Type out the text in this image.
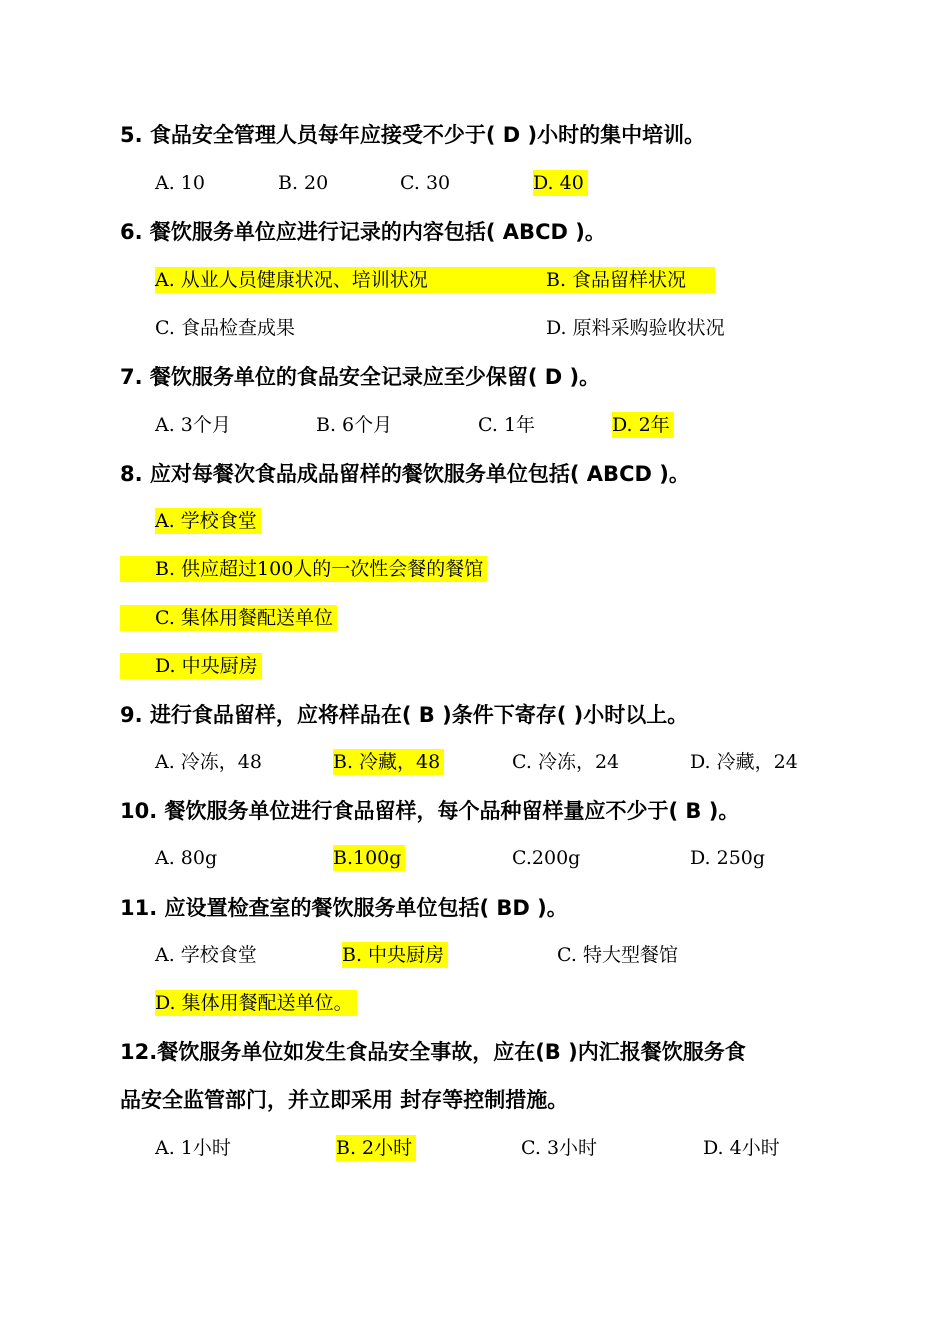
5. 食品安全管理人员每年应接受不少于( D )小时的集中培训。
A. 10	B. 20	C. 30	D. 40
6. 餐饮服务单位应进行记录的内容包括( ABCD )。
A. 从业人员健康状况、培训状况	B. 食品留样状况
C. 食品检查成果	D. 原料采购验收状况
7. 餐饮服务单位的食品安全记录应至少保留( D )。
A. 3个月	B. 6个月	C. 1年	D. 2年
8. 应对每餐次食品成品留样的餐饮服务单位包括( ABCD )。
A. 学校食堂
B. 供应超过100人的一次性会餐的餐馆
C. 集体用餐配送单位
D. 中央厨房
9. 进行食品留样，应将样品在( B )条件下寄存( )小时以上。
A. 冷冻，48	B. 冷藏，48	C. 冷冻，24	D. 冷藏，24
10. 餐饮服务单位进行食品留样，每个品种留样量应不少于( B )。
A. 80g	B.100g	C.200g	D. 250g
11. 应设置检查室的餐饮服务单位包括( BD )。
A. 学校食堂	B. 中央厨房	C. 特大型餐馆
D. 集体用餐配送单位。
12.餐饮服务单位如发生食品安全事故，应在(B )内汇报餐饮服务食
品安全监管部门，并立即采用 封存等控制措施。
A. 1小时	B. 2小时	C. 3小时	D. 4小时
